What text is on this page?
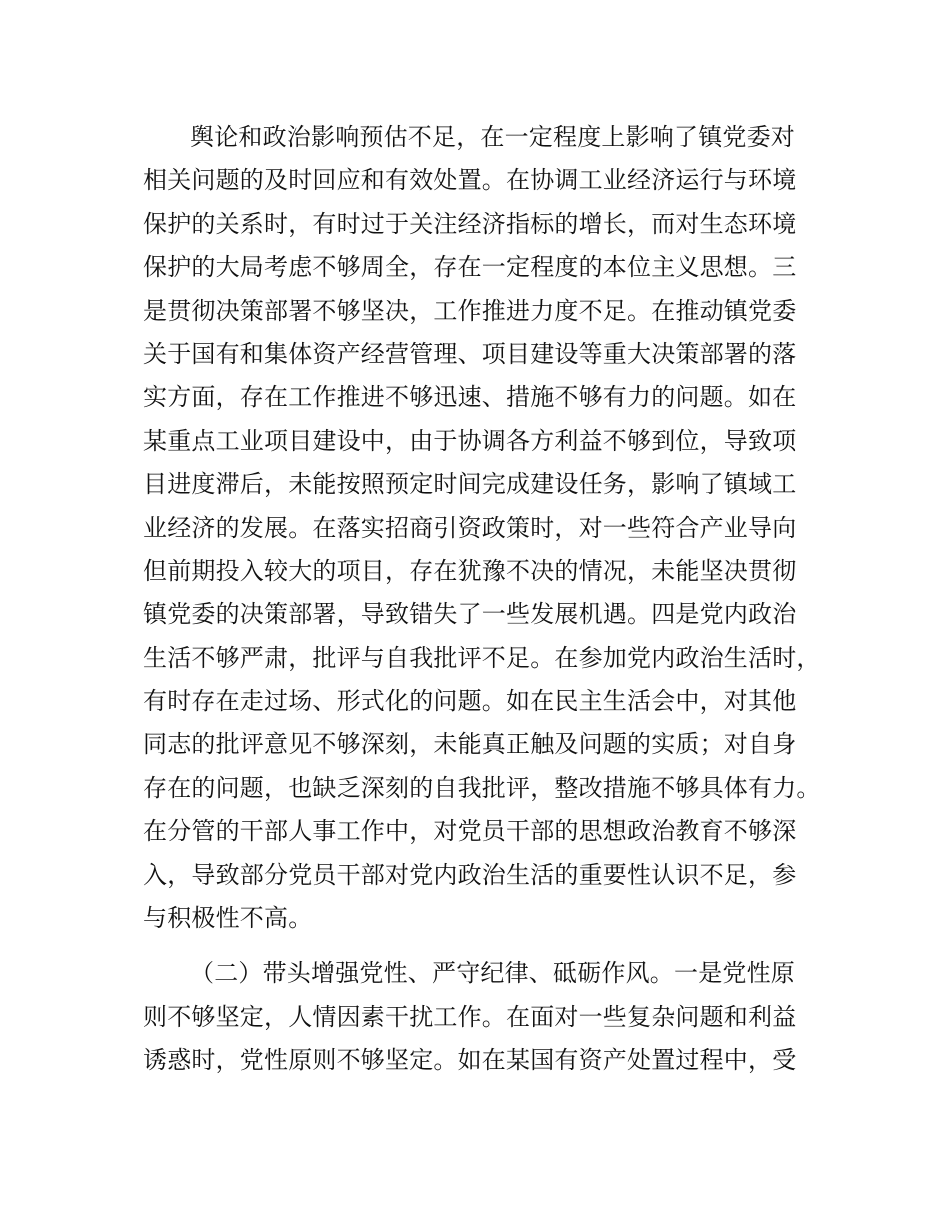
舆论和政治影响预估不足，在一定程度上影响了镇党委对
相关问题的及时回应和有效处置。在协调工业经济运行与环境
保护的关系时，有时过于关注经济指标的增长，而对生态环境
保护的大局考虑不够周全，存在一定程度的本位主义思想。三
是贯彻决策部署不够坚决，工作推进力度不足。在推动镇党委
关于国有和集体资产经营管理、项目建设等重大决策部署的落
实方面，存在工作推进不够迅速、措施不够有力的问题。如在
某重点工业项目建设中，由于协调各方利益不够到位，导致项
目进度滞后，未能按照预定时间完成建设任务，影响了镇域工
业经济的发展。在落实招商引资政策时，对一些符合产业导向
但前期投入较大的项目，存在犹豫不决的情况，未能坚决贯彻
镇党委的决策部署，导致错失了一些发展机遇。四是党内政治
生活不够严肃，批评与自我批评不足。在参加党内政治生活时，
有时存在走过场、形式化的问题。如在民主生活会中，对其他
同志的批评意见不够深刻，未能真正触及问题的实质；对自身
存在的问题，也缺乏深刻的自我批评，整改措施不够具体有力。
在分管的干部人事工作中，对党员干部的思想政治教育不够深
入，导致部分党员干部对党内政治生活的重要性认识不足，参
与积极性不高。
（二）带头增强党性、严守纪律、砥砺作风。一是党性原
则不够坚定，人情因素干扰工作。在面对一些复杂问题和利益
诱惑时，党性原则不够坚定。如在某国有资产处置过程中，受
